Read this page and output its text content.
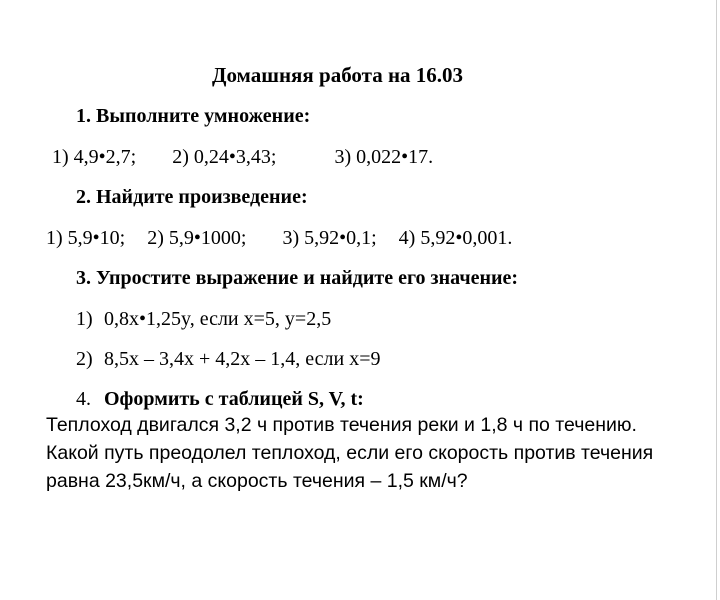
Домашняя работа на 16.03
1. Выполните умножение:
1) 4,9•2,7; 2) 0,24•3,43;	3) 0,022•17.
2. Найдите произведение:
1) 5,9•10; 2) 5,9•1000; 3) 5,92•0,1; 4) 5,92•0,001.
3. Упростите выражение и найдите его значение:
1) 0,8x•1,25y, если x=5, y=2,5
2) 8,5x – 3,4x + 4,2x – 1,4, если x=9
4. Оформить с таблицей S, V, t:

Теплоход двигался 3,2 ч против течения реки и 1,8 ч по течению. Какой путь преодолел теплоход, если его скорость против течения равна 23,5км/ч, а скорость течения – 1,5 км/ч?
